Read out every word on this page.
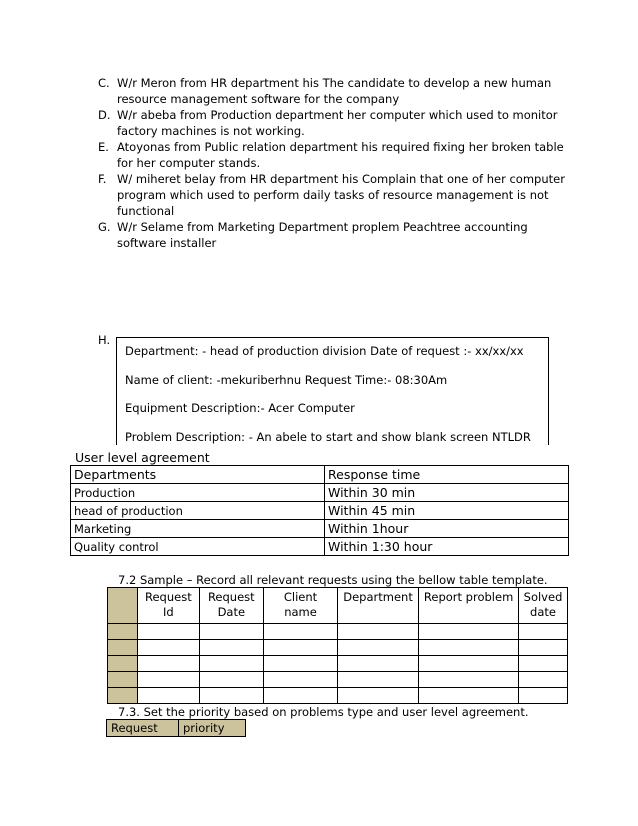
C. W/r Meron from HR department his The candidate to develop a new human resource management software for the company
D. W/r abeba from Production department her computer which used to monitor factory machines is not working.
E. Atoyonas from Public relation department his required fixing her broken table for her computer stands.
F. W/ miheret belay from HR department his Complain that one of her computer program which used to perform daily tasks of resource management is not functional
G. W/r Selame from Marketing Department proplem Peachtree accounting software installer
H.
Department: - head of production division Date of request :- xx/xx/xx
Name of client: -mekuriberhnu Request Time:- 08:30Am
Equipment Description:- Acer Computer
Problem Description: - An abele to start and show blank screen NTLDR
User level agreement
Departments	Response time
Production	Within 30 min
head of production	Within 45 min
Marketing	Within 1hour
Quality control	Within 1:30 hour
7.2 Sample – Record all relevant requests using the bellow table template.
	Request Id	Request Date	Client name	Department	Report problem	Solved date

7.3. Set the priority based on problems type and user level agreement.
Request	priority
